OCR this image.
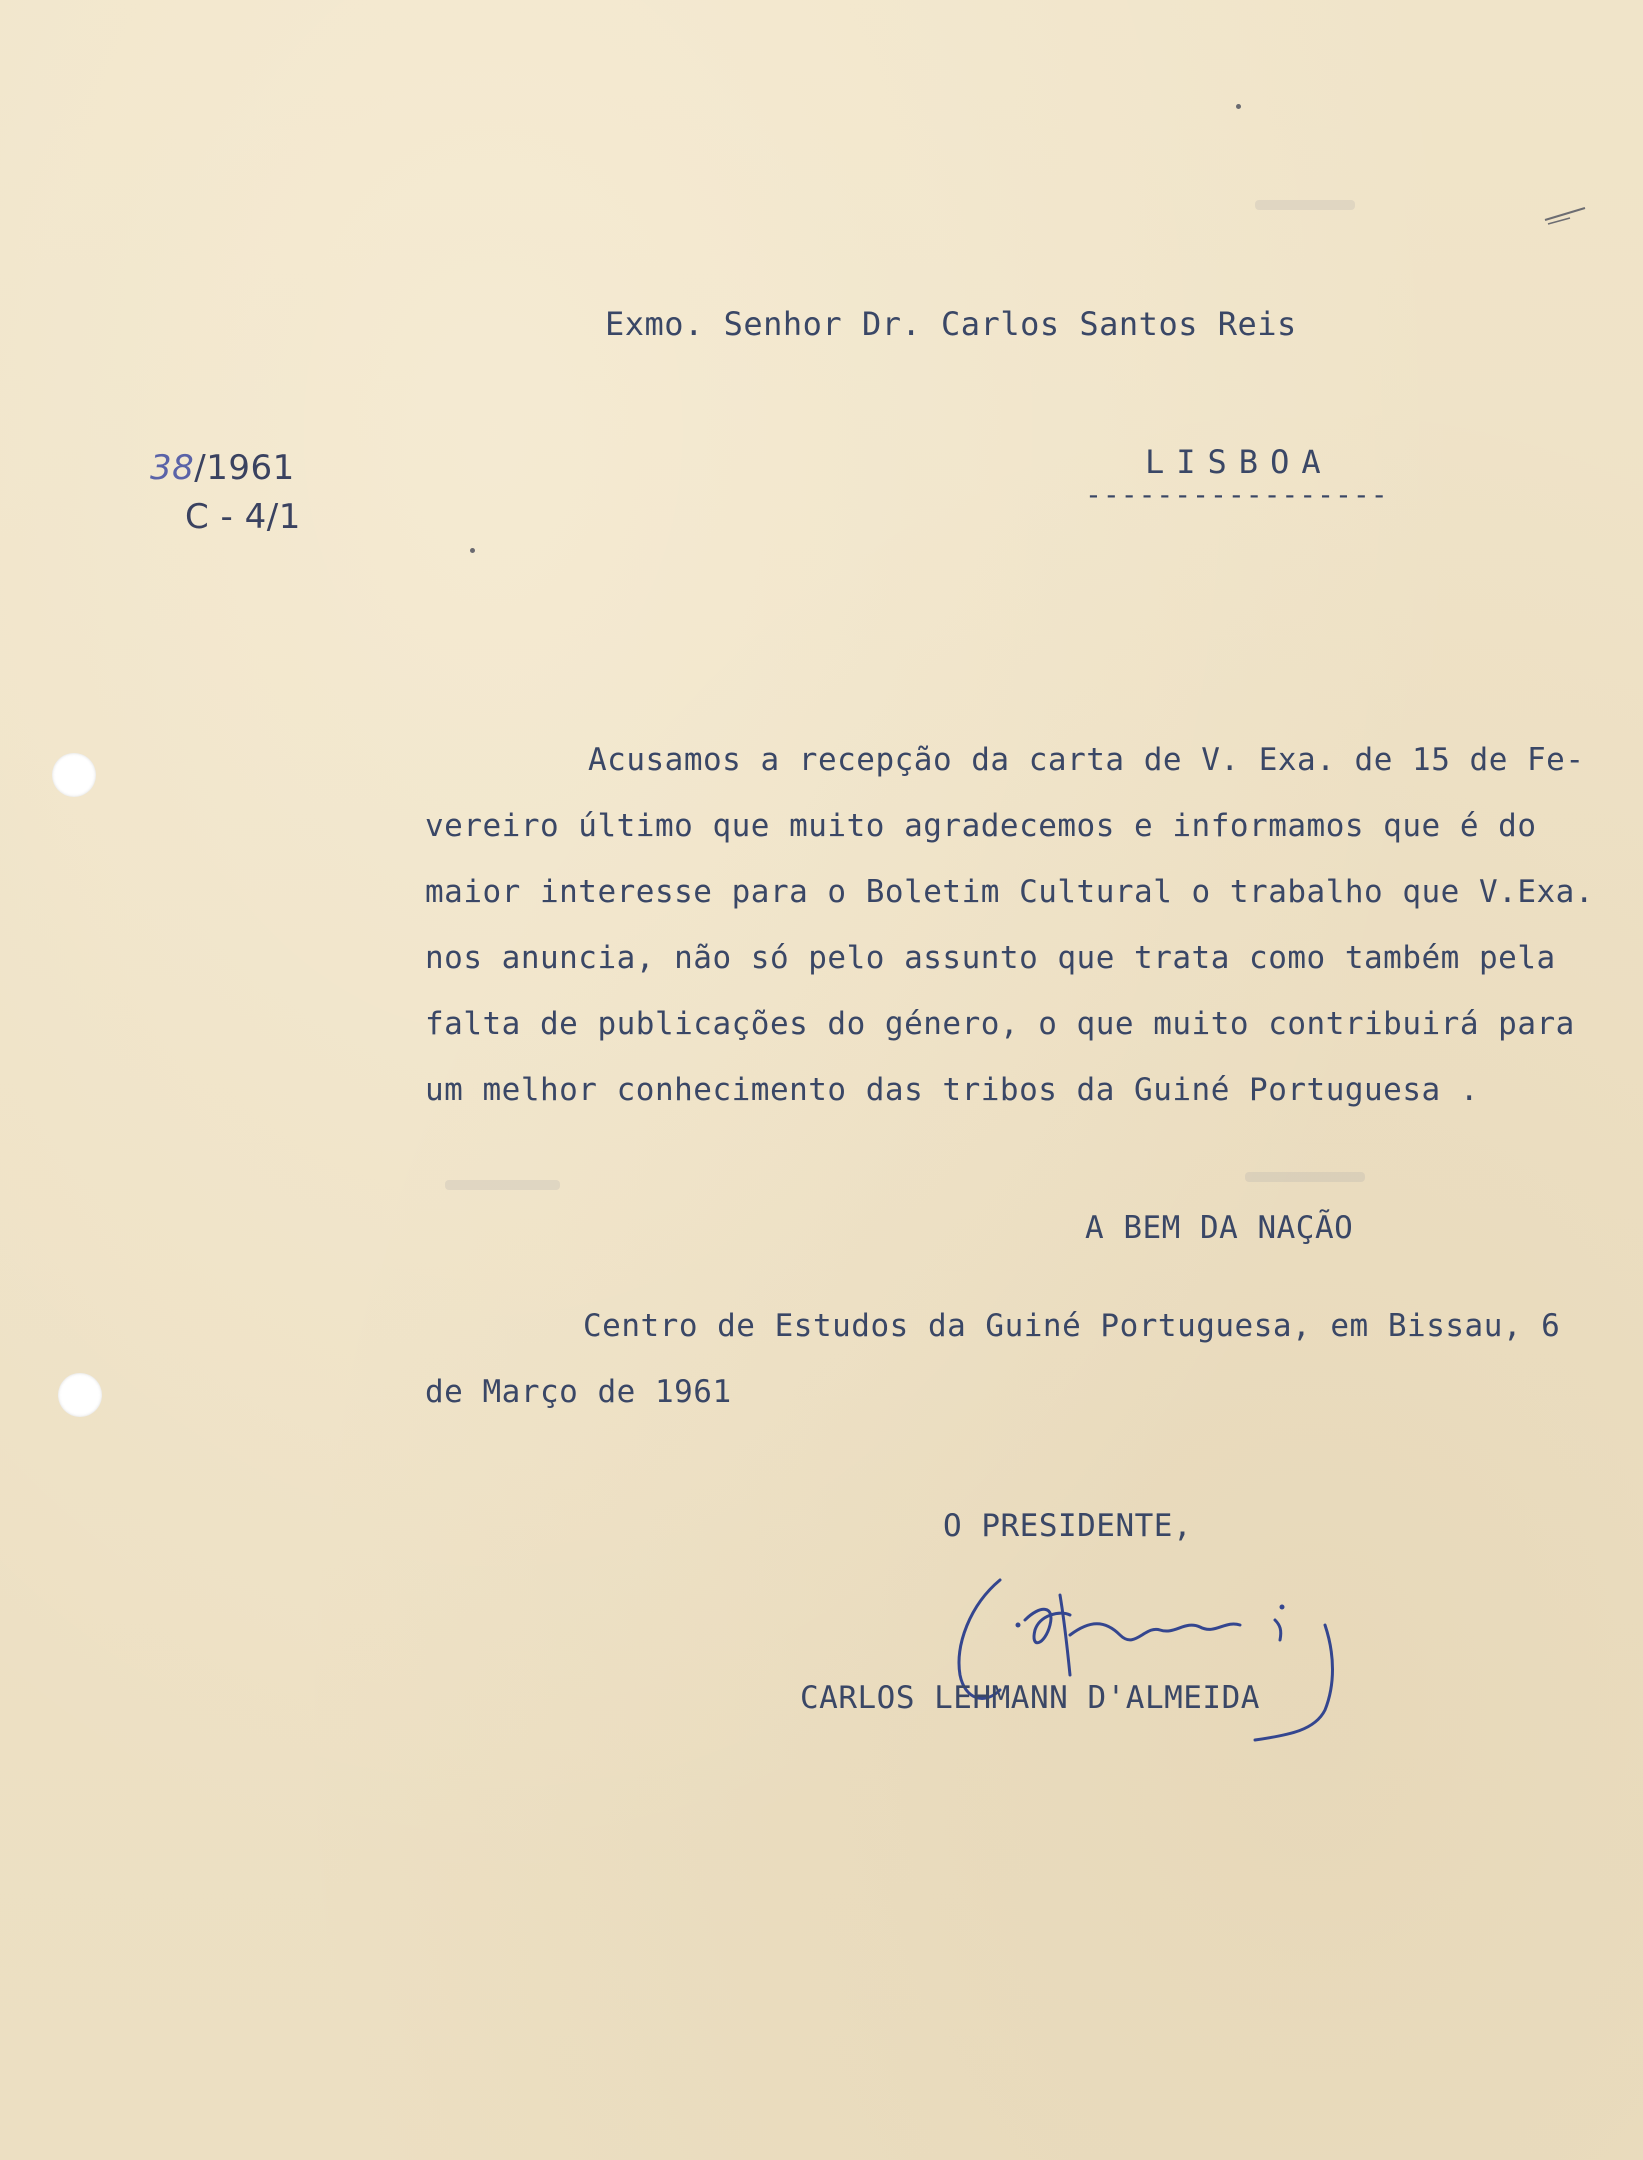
Exmo. Senhor Dr. Carlos Santos Reis
LISBOA
-----------------
38/1961
C - 4/1
Acusamos a recepção da carta de V. Exa. de 15 de Fe-
vereiro último que muito agradecemos e informamos que é do
maior interesse para o Boletim Cultural o trabalho que V.Exa.
nos anuncia, não só pelo assunto que trata como também pela
falta de publicações do género, o que muito contribuirá para
um melhor conhecimento das tribos da Guiné Portuguesa .
A BEM DA NAÇÃO
Centro de Estudos da Guiné Portuguesa, em Bissau, 6
de Março de 1961
O PRESIDENTE,
CARLOS LEHMANN D'ALMEIDA
